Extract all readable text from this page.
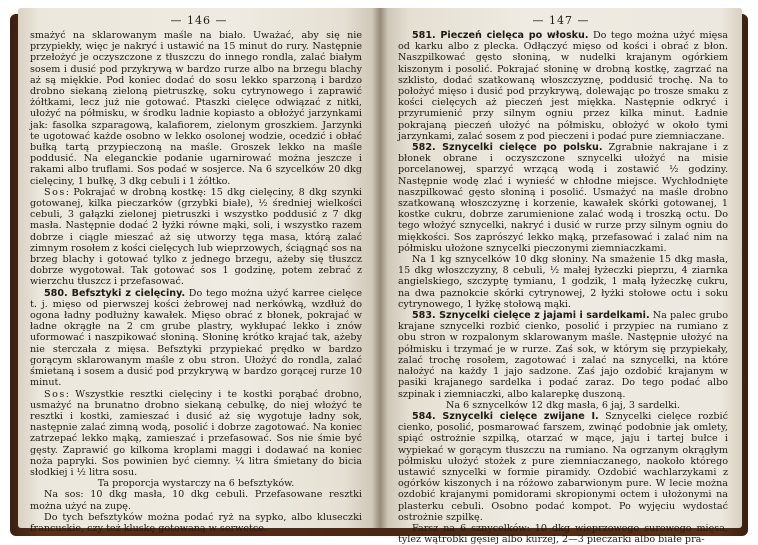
— 146 —

smażyć na sklarowanym maśle na biało. Uważać, aby się nie przypiekły, więc je nakryć i ustawić na 15 minut do rury. Następnie przełożyć je oczyszczone z tłuszczu do innego rondla, zalać białym sosem i dusić pod przykrywą w bardzo rurze albo na brzegu blachy aż są miękkie. Pod koniec dodać do sosu lekko sparzoną i bardzo drobno siekaną zieloną pietruszkę, soku cytrynowego i zaprawić żółtkami, lecz już nie gotować. Ptaszki cielęce odwiązać z nitki, ułożyć na półmisku, w środku ladnie kopiasto a obłożyć jarzynkami jak: fasolka szparagową, kalafiorem, zielonym groszkiem. Jarzynki te ugotować każde osobno w lekko osolonej wodzie, ocedzić i obłać bułką tartą przypieczoną na maśle. Groszek lekko na maśle poddusić. Na eleganckie podanie ugarnirować można jeszcze i rakami albo truflami. Sos podać w sosjerce. Na 6 szycelków 20 dkg cielęciny, 1 bułkę, 3 dkg cebuli i 1 żółtko.

Sos: Pokrajać w drobną kostkę: 15 dkg cielęciny, 8 dkg szynki gotowanej, kilka pieczarków (grzybki białe), ½ średniej wielkości cebuli, 3 gałązki zielonej pietruszki i wszystko poddusić z 7 dkg masła. Następnie dodać 2 łyżki równe mąki, soli, i wszystko razem dobrze i ciągle mieszać aż się utworzy tęga masa, którą zalać zimnym rosołem z kości cielęcych lub wieprzowych, ściągnąć sos na brzeg blachy i gotować tylko z jednego brzegu, ażeby się tłuszcz dobrze wygotował. Tak gotować sos 1 godzinę, potem zebrać z wierzchu tłuszcz i przefasować.

580. Befsztyki z cielęciny. Do tego można użyć karree cielęce t. j. mięso od pierwszej kości żebrowej nad nerkówką, wzdłuż do ogona ładny podłużny kawałek. Mięso obrać z błonek, pokrajać w ładne okrągłe na 2 cm grube plastry, wykłupać lekko i znów uformować i naszpikować słoniną. Słoninę krótko krajać tak, ażeby nie sterczała z mięsa. Befsztyki przypiekać prędko w bardzo gorącym sklarowanym maśle z obu stron. Ułożyć do rondla, zalać śmietaną i sosem a dusić pod przykrywą w bardzo gorącej rurze 10 minut.

Sos: Wszystkie resztki cielęciny i te kostki porąbać drobno, usmażyć na brunatno drobno siekaną cebulkę, do niej włożyć te resztki i kostki, zamieszać i dusić aż się wygotuje ładny sok, następnie zalać zimną wodą, posolić i dobrze zagotować. Na koniec zatrzepać lekko mąką, zamieszać i przefasować. Sos nie śmie być gęsty. Zaprawić go kilkoma kroplami maggi i dodawać na koniec nożа papryki. Sos powinien być ciemny. ¼ litra śmietany do bicia słodkiej i ½ litra sosu.

Ta proporcja wystarczy na 6 befsztyków.

Na sos: 10 dkg masła, 10 dkg cebuli. Przefasowane resztki można użyć na zupę.

Do tych befsztyków można podać ryż na sypko, albo kluseczki francuskie, czy też kluskę gotowaną w serwetce.

— 147 —

581. Pieczeń cielęca po włosku. Do tego można użyć mięsa od karku albo z plecka. Odłączyć mięso od kości i obrać z błon. Naszpilkować gęsto słoniną, w nudelki krajanym ogórkiem kiszonym i posolić. Pokrajać słoninę w drobną kostkę, zagrzać na szklisto, dodać szatkowaną włoszczyznę, poddusić trochę. Na to położyć mięso i dusić pod przykrywą, dolewając po trosze smaku z kości cielęcych aż pieczeń jest miękka. Następnie odkryć i przyrumienić przy silnym ogniu przez kilka minut. Ładnie pokrajaną pieczeń ułożyć na półmisku, obłożyć w około tymi jarzynkami, zalać sosem z pod pieczeni i podać pure ziemniaczane.

582. Sznycelki cielęce po polsku. Zgrabnie nakrajane i z błonek obrane i oczyszczone sznycelki ułożyć na misie porcelanowej, sparzyć wrzącą wodą i zostawić ½ godziny. Następnie wodę zlać i wynieść w chłodne miejsce. Wychłodnięte naszpilkować gęsto słoniną i posolić. Usmażyć na maśle drobno szatkowaną włoszczyznę i korzenie, kawałek skórki gotowanej, 1 kostke cukru, dobrze zarumienione zalać wodą i troszką octu. Do tego włożyć sznycelki, nakryć i dusić w rurze przy silnym ogniu do miękkości. Sos zaprószyć lekko mąką, przefasować i zalać nim na półmisku ułożone sznycelki pieczonymi ziemniaczkami.

Na 1 kg sznycelków 10 dkg słoniny. Na smażenie 15 dkg masła, 15 dkg włoszczyzny, 8 cebuli, ½ małej łyżeczki pieprzu, 4 ziarnka angielskiego, szczyptę tymianu, 1 godzik, 1 małą łyżeczkę cukru, na dwa paznokcie skórki cytrynowej, 2 łyżki stołowe octu i soku cytrynowego, 1 łyżkę stołową mąki.

583. Sznycelki cielęce z jajami i sardelkami. Na palec grubo krajane sznycelki rozbić cienko, posolić i przypiec na rumiano z obu stron w rozpalonym sklarowanym maśle. Następnie ułożyć na półmisku i trzymać je w rurze. Zaś sok, w którym się przypiekały, zalać trochę rosołem, zagotować i zalać na sznycelki, na które nałożyć na każdy 1 jajo sadzone. Zaś jajo ozdobić krajanym w pasiki krajanego sardelka i podać zaraz. Do tego podać albo szpinak i ziemniaczki, albo kalarepkę duszoną.

Na 6 sznycelków 12 dkg masła, 6 jaj, 3 sardelki.

584. Sznycelki cielęce zwijane I. Sznycelki cielęce rozbić cienko, posolić, posmarować farszem, zwinąć podobnie jak omlety, spiąć ostrożnie szpilką, otarzać w mące, jaju i tartej bułce i wypiekać w gorącym tłuszczu na rumiano. Na ogrzanym okrągłym półmisku ułożyć stożek z pure ziemniaczanego, naokoło którego ustawić sznycelki w formie piramidy. Ozdobić wachlarzykami z ogórków kiszonych i na różowo zabarwionym pure. W lecie można ozdobić krajanymi pomidorami skropionymi octem i ułożonymi na plasterku cebuli. Osobno podać kompot. Po wyjęciu wydostać ostrożnie szpilkę.

Farsz na 6 sznycelków: 10 dkg wieprzowego surowego mięsa, tyleż wątrobki gęsiej albo kurzej, 2—3 pieczarki albo białe pra-
